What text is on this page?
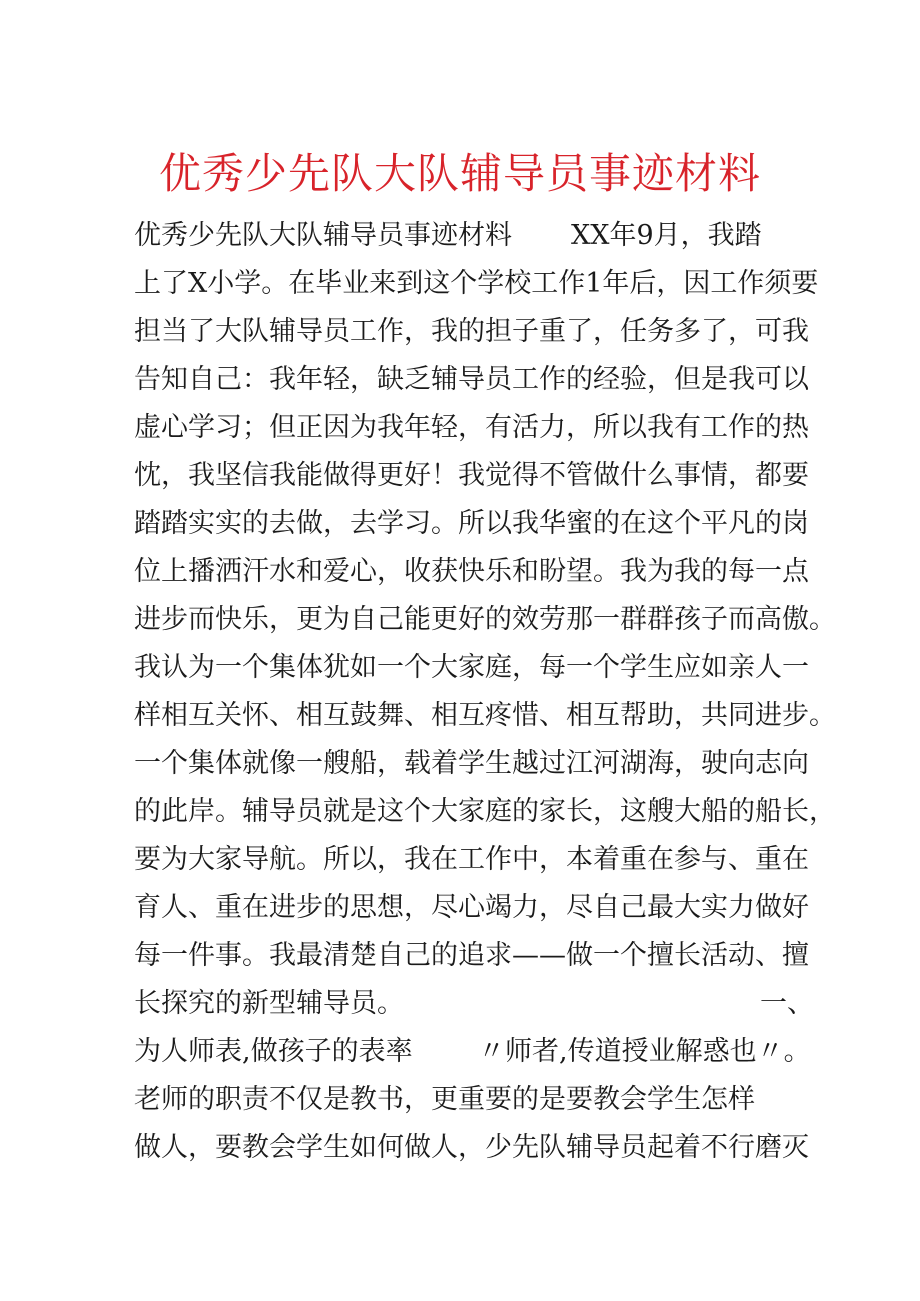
优秀少先队大队辅导员事迹材料
优秀少先队大队辅导员事迹材料 XX年9月，我踏
上了X小学。在毕业来到这个学校工作1年后，因工作须要
担当了大队辅导员工作，我的担子重了，任务多了，可我
告知自己：我年轻，缺乏辅导员工作的经验，但是我可以
虚心学习；但正因为我年轻，有活力，所以我有工作的热
忱，我坚信我能做得更好！我觉得不管做什么事情，都要
踏踏实实的去做，去学习。所以我华蜜的在这个平凡的岗
位上播洒汗水和爱心，收获快乐和盼望。我为我的每一点
进步而快乐，更为自己能更好的效劳那一群群孩子而高傲。
我认为一个集体犹如一个大家庭，每一个学生应如亲人一
样相互关怀、相互鼓舞、相互疼惜、相互帮助，共同进步。
一个集体就像一艘船，载着学生越过江河湖海，驶向志向
的此岸。辅导员就是这个大家庭的家长，这艘大船的船长，
要为大家导航。所以，我在工作中，本着重在参与、重在
育人、重在进步的思想，尽心竭力，尽自己最大实力做好
每一件事。我最清楚自己的追求——做一个擅长活动、擅
长探究的新型辅导员。	一、
为人师表,做孩子的表率 〃师者,传道授业解惑也〃。
老师的职责不仅是教书，更重要的是要教会学生怎样
做人，要教会学生如何做人，少先队辅导员起着不行磨灭
